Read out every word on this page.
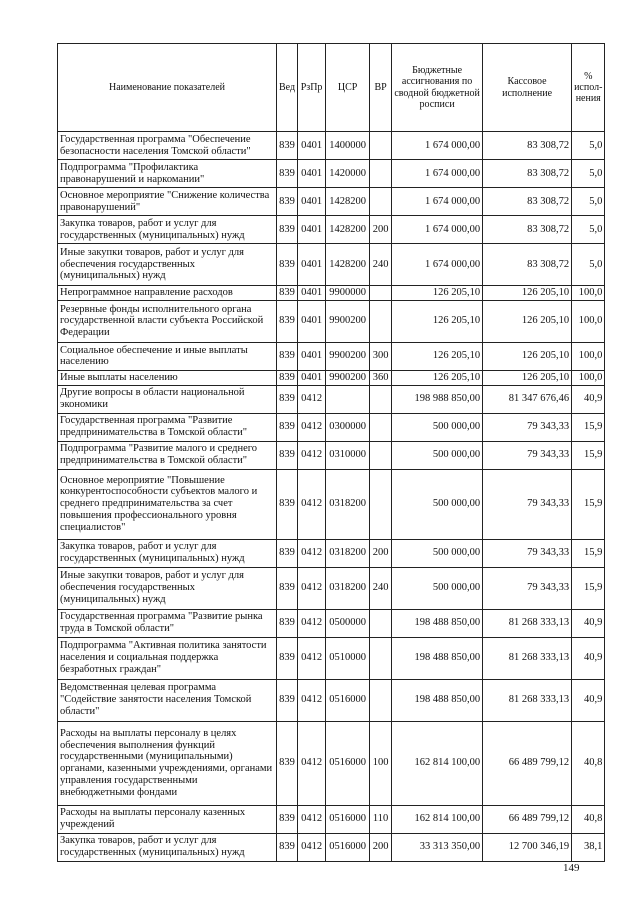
Наименование показателей	Вед	РзПр	ЦСР	ВР	Бюджетные ассигнования по сводной бюджетной росписи	Кассовое исполнение	% испол-нения
Государственная программа "Обеспечение безопасности населения Томской области"	839	0401	1400000		1 674 000,00	83 308,72	5,0
Подпрограмма "Профилактика правонарушений и наркомании"	839	0401	1420000		1 674 000,00	83 308,72	5,0
Основное мероприятие "Снижение количества правонарушений"	839	0401	1428200		1 674 000,00	83 308,72	5,0
Закупка товаров, работ и услуг для государственных (муниципальных) нужд	839	0401	1428200	200	1 674 000,00	83 308,72	5,0
Иные закупки товаров, работ и услуг для обеспечения государственных (муниципальных) нужд	839	0401	1428200	240	1 674 000,00	83 308,72	5,0
Непрограммное направление расходов	839	0401	9900000		126 205,10	126 205,10	100,0
Резервные фонды исполнительного органа государственной власти субъекта Российской Федерации	839	0401	9900200		126 205,10	126 205,10	100,0
Социальное обеспечение и иные выплаты населению	839	0401	9900200	300	126 205,10	126 205,10	100,0
Иные выплаты населению	839	0401	9900200	360	126 205,10	126 205,10	100,0
Другие вопросы в области национальной экономики	839	0412			198 988 850,00	81 347 676,46	40,9
Государственная программа "Развитие предпринимательства в Томской области"	839	0412	0300000		500 000,00	79 343,33	15,9
Подпрограмма "Развитие малого и среднего предпринимательства в Томской области"	839	0412	0310000		500 000,00	79 343,33	15,9
Основное мероприятие "Повышение конкурентоспособности субъектов малого и среднего предпринимательства за счет повышения профессионального уровня специалистов"	839	0412	0318200		500 000,00	79 343,33	15,9
Закупка товаров, работ и услуг для государственных (муниципальных) нужд	839	0412	0318200	200	500 000,00	79 343,33	15,9
Иные закупки товаров, работ и услуг для обеспечения государственных (муниципальных) нужд	839	0412	0318200	240	500 000,00	79 343,33	15,9
Государственная программа "Развитие рынка труда в Томской области"	839	0412	0500000		198 488 850,00	81 268 333,13	40,9
Подпрограмма "Активная политика занятости населения и социальная поддержка безработных граждан"	839	0412	0510000		198 488 850,00	81 268 333,13	40,9
Ведомственная целевая программа "Содействие занятости населения Томской области"	839	0412	0516000		198 488 850,00	81 268 333,13	40,9
Расходы на выплаты персоналу в целях обеспечения выполнения функций государственными (муниципальными) органами, казенными учреждениями, органами управления государственными внебюджетными фондами	839	0412	0516000	100	162 814 100,00	66 489 799,12	40,8
Расходы на выплаты персоналу казенных учреждений	839	0412	0516000	110	162 814 100,00	66 489 799,12	40,8
Закупка товаров, работ и услуг для государственных (муниципальных) нужд	839	0412	0516000	200	33 313 350,00	12 700 346,19	38,1
149
